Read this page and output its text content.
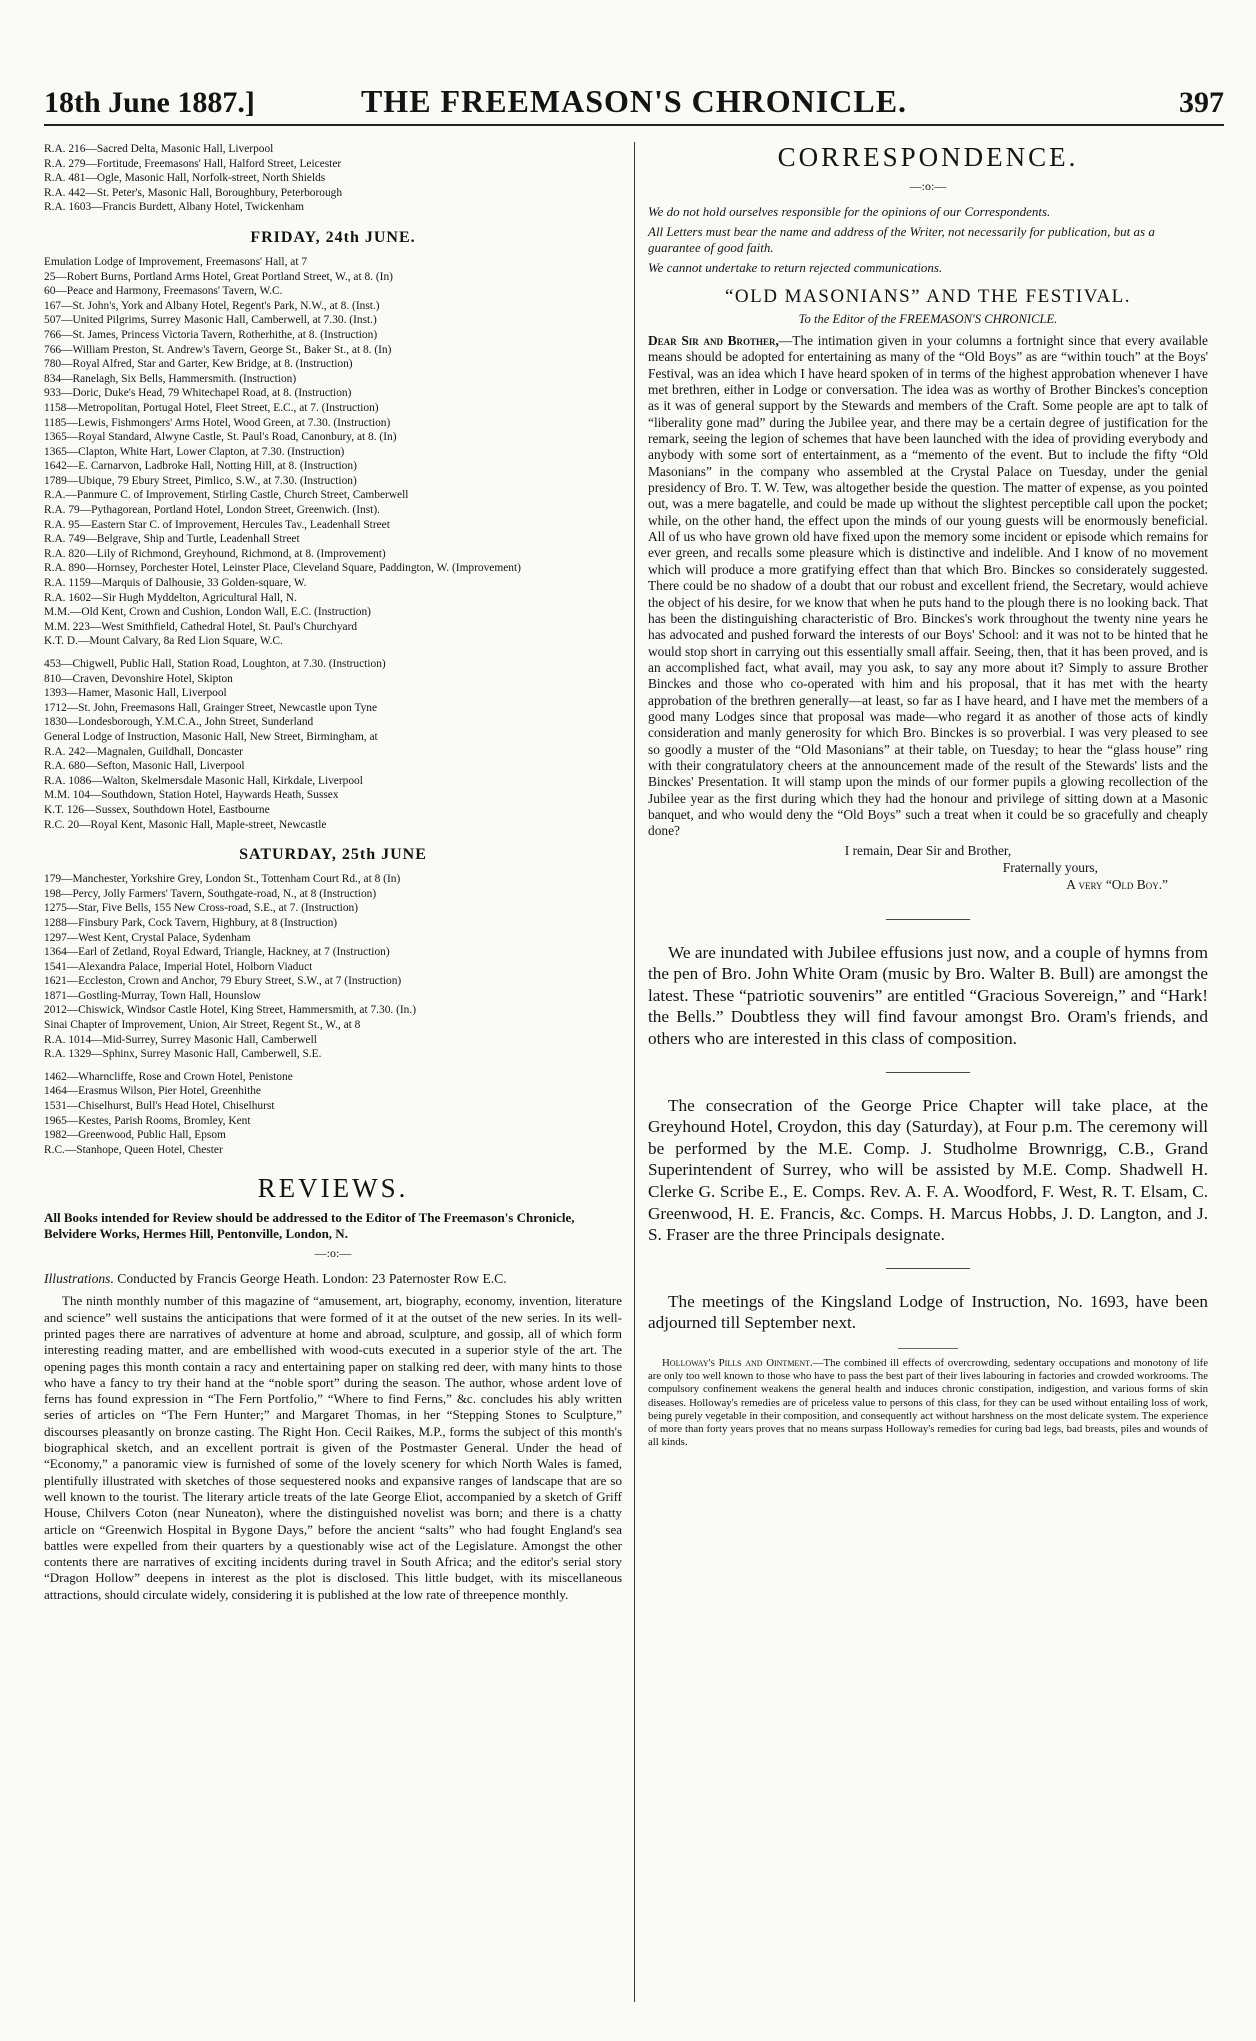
18th June 1887.]	THE FREEMASON'S CHRONICLE.	397
R.A. 216—Sacred Delta, Masonic Hall, Liverpool
R.A. 279—Fortitude, Freemasons' Hall, Halford Street, Leicester
R.A. 481—Ogle, Masonic Hall, Norfolk-street, North Shields
R.A. 442—St. Peter's, Masonic Hall, Boroughbury, Peterborough
R.A. 1603—Francis Burdett, Albany Hotel, Twickenham
FRIDAY, 24th JUNE.
Emulation Lodge of Improvement, Freemasons' Hall, at 7
25—Robert Burns, Portland Arms Hotel, Great Portland Street, W., at 8. (In)
60—Peace and Harmony, Freemasons' Tavern, W.C.
167—St. John's, York and Albany Hotel, Regent's Park, N.W., at 8. (Inst.)
507—United Pilgrims, Surrey Masonic Hall, Camberwell, at 7.30. (Inst.)
766—St. James, Princess Victoria Tavern, Rotherhithe, at 8. (Instruction)
766—William Preston, St. Andrew's Tavern, George St., Baker St., at 8. (In)
780—Royal Alfred, Star and Garter, Kew Bridge, at 8. (Instruction)
834—Ranelagh, Six Bells, Hammersmith. (Instruction)
933—Doric, Duke's Head, 79 Whitechapel Road, at 8. (Instruction)
1158—Metropolitan, Portugal Hotel, Fleet Street, E.C., at 7. (Instruction)
1185—Lewis, Fishmongers' Arms Hotel, Wood Green, at 7.30. (Instruction)
1365—Royal Standard, Alwyne Castle, St. Paul's Road, Canonbury, at 8. (In)
1365—Clapton, White Hart, Lower Clapton, at 7.30. (Instruction)
1642—E. Carnarvon, Ladbroke Hall, Notting Hill, at 8. (Instruction)
1789—Ubique, 79 Ebury Street, Pimlico, S.W., at 7.30. (Instruction)
R.A.—Panmure C. of Improvement, Stirling Castle, Church Street, Camberwell
R.A. 79—Pythagorean, Portland Hotel, London Street, Greenwich. (Inst).
R.A. 95—Eastern Star C. of Improvement, Hercules Tav., Leadenhall Street
R.A. 749—Belgrave, Ship and Turtle, Leadenhall Street
R.A. 820—Lily of Richmond, Greyhound, Richmond, at 8. (Improvement)
R.A. 890—Hornsey, Porchester Hotel, Leinster Place, Cleveland Square, Paddington, W. (Improvement)
R.A. 1159—Marquis of Dalhousie, 33 Golden-square, W.
R.A. 1602—Sir Hugh Myddelton, Agricultural Hall, N.
M.M.—Old Kent, Crown and Cushion, London Wall, E.C. (Instruction)
M.M. 223—West Smithfield, Cathedral Hotel, St. Paul's Churchyard
K.T. D.—Mount Calvary, 8a Red Lion Square, W.C.
453—Chigwell, Public Hall, Station Road, Loughton, at 7.30. (Instruction)
810—Craven, Devonshire Hotel, Skipton
1393—Hamer, Masonic Hall, Liverpool
1712—St. John, Freemasons Hall, Grainger Street, Newcastle upon Tyne
1830—Londesborough, Y.M.C.A., John Street, Sunderland
General Lodge of Instruction, Masonic Hall, New Street, Birmingham, at
R.A. 242—Magnalen, Guildhall, Doncaster
R.A. 680—Sefton, Masonic Hall, Liverpool
R.A. 1086—Walton, Skelmersdale Masonic Hall, Kirkdale, Liverpool
M.M. 104—Southdown, Station Hotel, Haywards Heath, Sussex
K.T. 126—Sussex, Southdown Hotel, Eastbourne
R.C. 20—Royal Kent, Masonic Hall, Maple-street, Newcastle
SATURDAY, 25th JUNE
179—Manchester, Yorkshire Grey, London St., Tottenham Court Rd., at 8 (In)
198—Percy, Jolly Farmers' Tavern, Southgate-road, N., at 8 (Instruction)
1275—Star, Five Bells, 155 New Cross-road, S.E., at 7. (Instruction)
1288—Finsbury Park, Cock Tavern, Highbury, at 8 (Instruction)
1297—West Kent, Crystal Palace, Sydenham
1364—Earl of Zetland, Royal Edward, Triangle, Hackney, at 7 (Instruction)
1541—Alexandra Palace, Imperial Hotel, Holborn Viaduct
1621—Eccleston, Crown and Anchor, 79 Ebury Street, S.W., at 7 (Instruction)
1871—Gostling-Murray, Town Hall, Hounslow
2012—Chiswick, Windsor Castle Hotel, King Street, Hammersmith, at 7.30. (In.)
Sinai Chapter of Improvement, Union, Air Street, Regent St., W., at 8
R.A. 1014—Mid-Surrey, Surrey Masonic Hall, Camberwell
R.A. 1329—Sphinx, Surrey Masonic Hall, Camberwell, S.E.
1462—Wharncliffe, Rose and Crown Hotel, Penistone
1464—Erasmus Wilson, Pier Hotel, Greenhithe
1531—Chiselhurst, Bull's Head Hotel, Chiselhurst
1965—Kestes, Parish Rooms, Bromley, Kent
1982—Greenwood, Public Hall, Epsom
R.C.—Stanhope, Queen Hotel, Chester
REVIEWS.

All Books intended for Review should be addressed to the Editor of The Freemason's Chronicle, Belvidere Works, Hermes Hill, Pentonville, London, N.

—:o:—

Illustrations. Conducted by Francis George Heath. London: 23 Paternoster Row E.C.

The ninth monthly number of this magazine of “amusement, art, biography, economy, invention, literature and science” well sustains the anticipations that were formed of it at the outset of the new series. In its well-printed pages there are narratives of adventure at home and abroad, sculpture, and gossip, all of which form interesting reading matter, and are embellished with wood-cuts executed in a superior style of the art. The opening pages this month contain a racy and entertaining paper on stalking red deer, with many hints to those who have a fancy to try their hand at the “noble sport” during the season. The author, whose ardent love of ferns has found expression in “The Fern Portfolio,” “Where to find Ferns,” &c. concludes his ably written series of articles on “The Fern Hunter;” and Margaret Thomas, in her “Stepping Stones to Sculpture,” discourses pleasantly on bronze casting. The Right Hon. Cecil Raikes, M.P., forms the subject of this month's biographical sketch, and an excellent portrait is given of the Postmaster General. Under the head of “Economy,” a panoramic view is furnished of some of the lovely scenery for which North Wales is famed, plentifully illustrated with sketches of those sequestered nooks and expansive ranges of landscape that are so well known to the tourist. The literary article treats of the late George Eliot, accompanied by a sketch of Griff House, Chilvers Coton (near Nuneaton), where the distinguished novelist was born; and there is a chatty article on “Greenwich Hospital in Bygone Days,” before the ancient “salts” who had fought England's sea battles were expelled from their quarters by a questionably wise act of the Legislature. Amongst the other contents there are narratives of exciting incidents during travel in South Africa; and the editor's serial story “Dragon Hollow” deepens in interest as the plot is disclosed. This little budget, with its miscellaneous attractions, should circulate widely, considering it is published at the low rate of threepence monthly.

CORRESPONDENCE.
—:o:—

We do not hold ourselves responsible for the opinions of our Correspondents.

All Letters must bear the name and address of the Writer, not necessarily for publication, but as a guarantee of good faith.

We cannot undertake to return rejected communications.

“OLD MASONIANS” AND THE FESTIVAL.

To the Editor of the FREEMASON'S CHRONICLE.

Dear Sir and Brother,—The intimation given in your columns a fortnight since that every available means should be adopted for entertaining as many of the “Old Boys” as are “within touch” at the Boys' Festival, was an idea which I have heard spoken of in terms of the highest approbation whenever I have met brethren, either in Lodge or conversation. The idea was as worthy of Brother Binckes's conception as it was of general support by the Stewards and members of the Craft. Some people are apt to talk of “liberality gone mad” during the Jubilee year, and there may be a certain degree of justification for the remark, seeing the legion of schemes that have been launched with the idea of providing everybody and anybody with some sort of entertainment, as a “memento of the event. But to include the fifty “Old Masonians” in the company who assembled at the Crystal Palace on Tuesday, under the genial presidency of Bro. T. W. Tew, was altogether beside the question. The matter of expense, as you pointed out, was a mere bagatelle, and could be made up without the slightest perceptible call upon the pocket; while, on the other hand, the effect upon the minds of our young guests will be enormously beneficial. All of us who have grown old have fixed upon the memory some incident or episode which remains for ever green, and recalls some pleasure which is distinctive and indelible. And I know of no movement which will produce a more gratifying effect than that which Bro. Binckes so considerately suggested. There could be no shadow of a doubt that our robust and excellent friend, the Secretary, would achieve the object of his desire, for we know that when he puts hand to the plough there is no looking back. That has been the distinguishing characteristic of Bro. Binckes's work throughout the twenty nine years he has advocated and pushed forward the interests of our Boys' School: and it was not to be hinted that he would stop short in carrying out this essentially small affair. Seeing, then, that it has been proved, and is an accomplished fact, what avail, may you ask, to say any more about it? Simply to assure Brother Binckes and those who co-operated with him and his proposal, that it has met with the hearty approbation of the brethren generally—at least, so far as I have heard, and I have met the members of a good many Lodges since that proposal was made—who regard it as another of those acts of kindly consideration and manly generosity for which Bro. Binckes is so proverbial. I was very pleased to see so goodly a muster of the “Old Masonians” at their table, on Tuesday; to hear the “glass house” ring with their congratulatory cheers at the announcement made of the result of the Stewards' lists and the Binckes' Presentation. It will stamp upon the minds of our former pupils a glowing recollection of the Jubilee year as the first during which they had the honour and privilege of sitting down at a Masonic banquet, and who would deny the “Old Boys” such a treat when it could be so gracefully and cheaply done?

I remain, Dear Sir and Brother,
Fraternally yours,
A very “Old Boy.”

We are inundated with Jubilee effusions just now, and a couple of hymns from the pen of Bro. John White Oram (music by Bro. Walter B. Bull) are amongst the latest. These “patriotic souvenirs” are entitled “Gracious Sovereign,” and “Hark! the Bells.” Doubtless they will find favour amongst Bro. Oram's friends, and others who are interested in this class of composition.

The consecration of the George Price Chapter will take place, at the Greyhound Hotel, Croydon, this day (Saturday), at Four p.m. The ceremony will be performed by the M.E. Comp. J. Studholme Brownrigg, C.B., Grand Superintendent of Surrey, who will be assisted by M.E. Comp. Shadwell H. Clerke G. Scribe E., E. Comps. Rev. A. F. A. Woodford, F. West, R. T. Elsam, C. Greenwood, H. E. Francis, &c. Comps. H. Marcus Hobbs, J. D. Langton, and J. S. Fraser are the three Principals designate.

The meetings of the Kingsland Lodge of Instruction, No. 1693, have been adjourned till September next.

Holloway's Pills and Ointment.—The combined ill effects of overcrowding, sedentary occupations and monotony of life are only too well known to those who have to pass the best part of their lives labouring in factories and crowded workrooms. The compulsory confinement weakens the general health and induces chronic constipation, indigestion, and various forms of skin diseases. Holloway's remedies are of priceless value to persons of this class, for they can be used without entailing loss of work, being purely vegetable in their composition, and consequently act without harshness on the most delicate system. The experience of more than forty years proves that no means surpass Holloway's remedies for curing bad legs, bad breasts, piles and wounds of all kinds.
